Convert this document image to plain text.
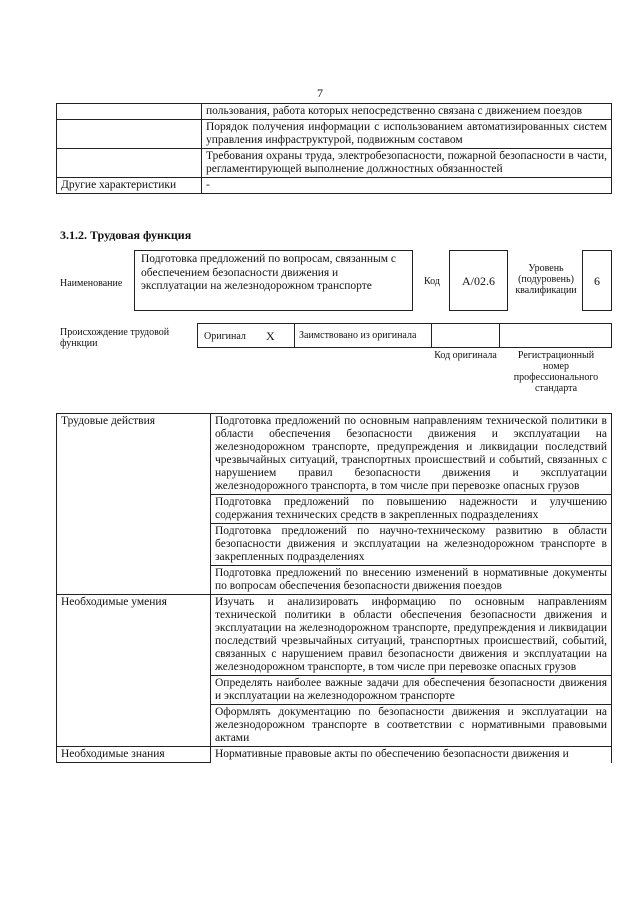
7
	пользования, работа которых непосредственно связана с движением поездов
	Порядок получения информации с использованием автоматизированных систем управления инфраструктурой, подвижным составом
	Требования охраны труда, электробезопасности, пожарной безопасности в части, регламентирующей выполнение должностных обязанностей
Другие характеристики	-
3.1.2. Трудовая функция
Наименование
Подготовка предложений по вопросам, связанным с обеспечением безопасности движения и эксплуатации на железнодорожном транспорте	Код	А/02.6
Уровень (подуровень) квалификации
6
Происхождение трудовой функции
Оригинал Х	Заимствовано из оригинала
Код оригинала	Регистрационный номер профессионального стандарта
Трудовые действия	Подготовка предложений по основным направлениям технической политики в области обеспечения безопасности движения и эксплуатации на железнодорожном транспорте, предупреждения и ликвидации последствий чрезвычайных ситуаций, транспортных происшествий и событий, связанных с нарушением правил безопасности движения и эксплуатации железнодорожного транспорта, в том числе при перевозке опасных грузов
	Подготовка предложений по повышению надежности и улучшению содержания технических средств в закрепленных подразделениях
	Подготовка предложений по научно-техническому развитию в области безопасности движения и эксплуатации на железнодорожном транспорте в закрепленных подразделениях
	Подготовка предложений по внесению изменений в нормативные документы по вопросам обеспечения безопасности движения поездов
Необходимые умения	Изучать и анализировать информацию по основным направлениям технической политики в области обеспечения безопасности движения и эксплуатации на железнодорожном транспорте, предупреждения и ликвидации последствий чрезвычайных ситуаций, транспортных происшествий, событий, связанных с нарушением правил безопасности движения и эксплуатации на железнодорожном транспорте, в том числе при перевозке опасных грузов
	Определять наиболее важные задачи для обеспечения безопасности движения и эксплуатации на железнодорожном транспорте
	Оформлять документацию по безопасности движения и эксплуатации на железнодорожном транспорте в соответствии с нормативными правовыми актами
Необходимые знания	Нормативные правовые акты по обеспечению безопасности движения и
